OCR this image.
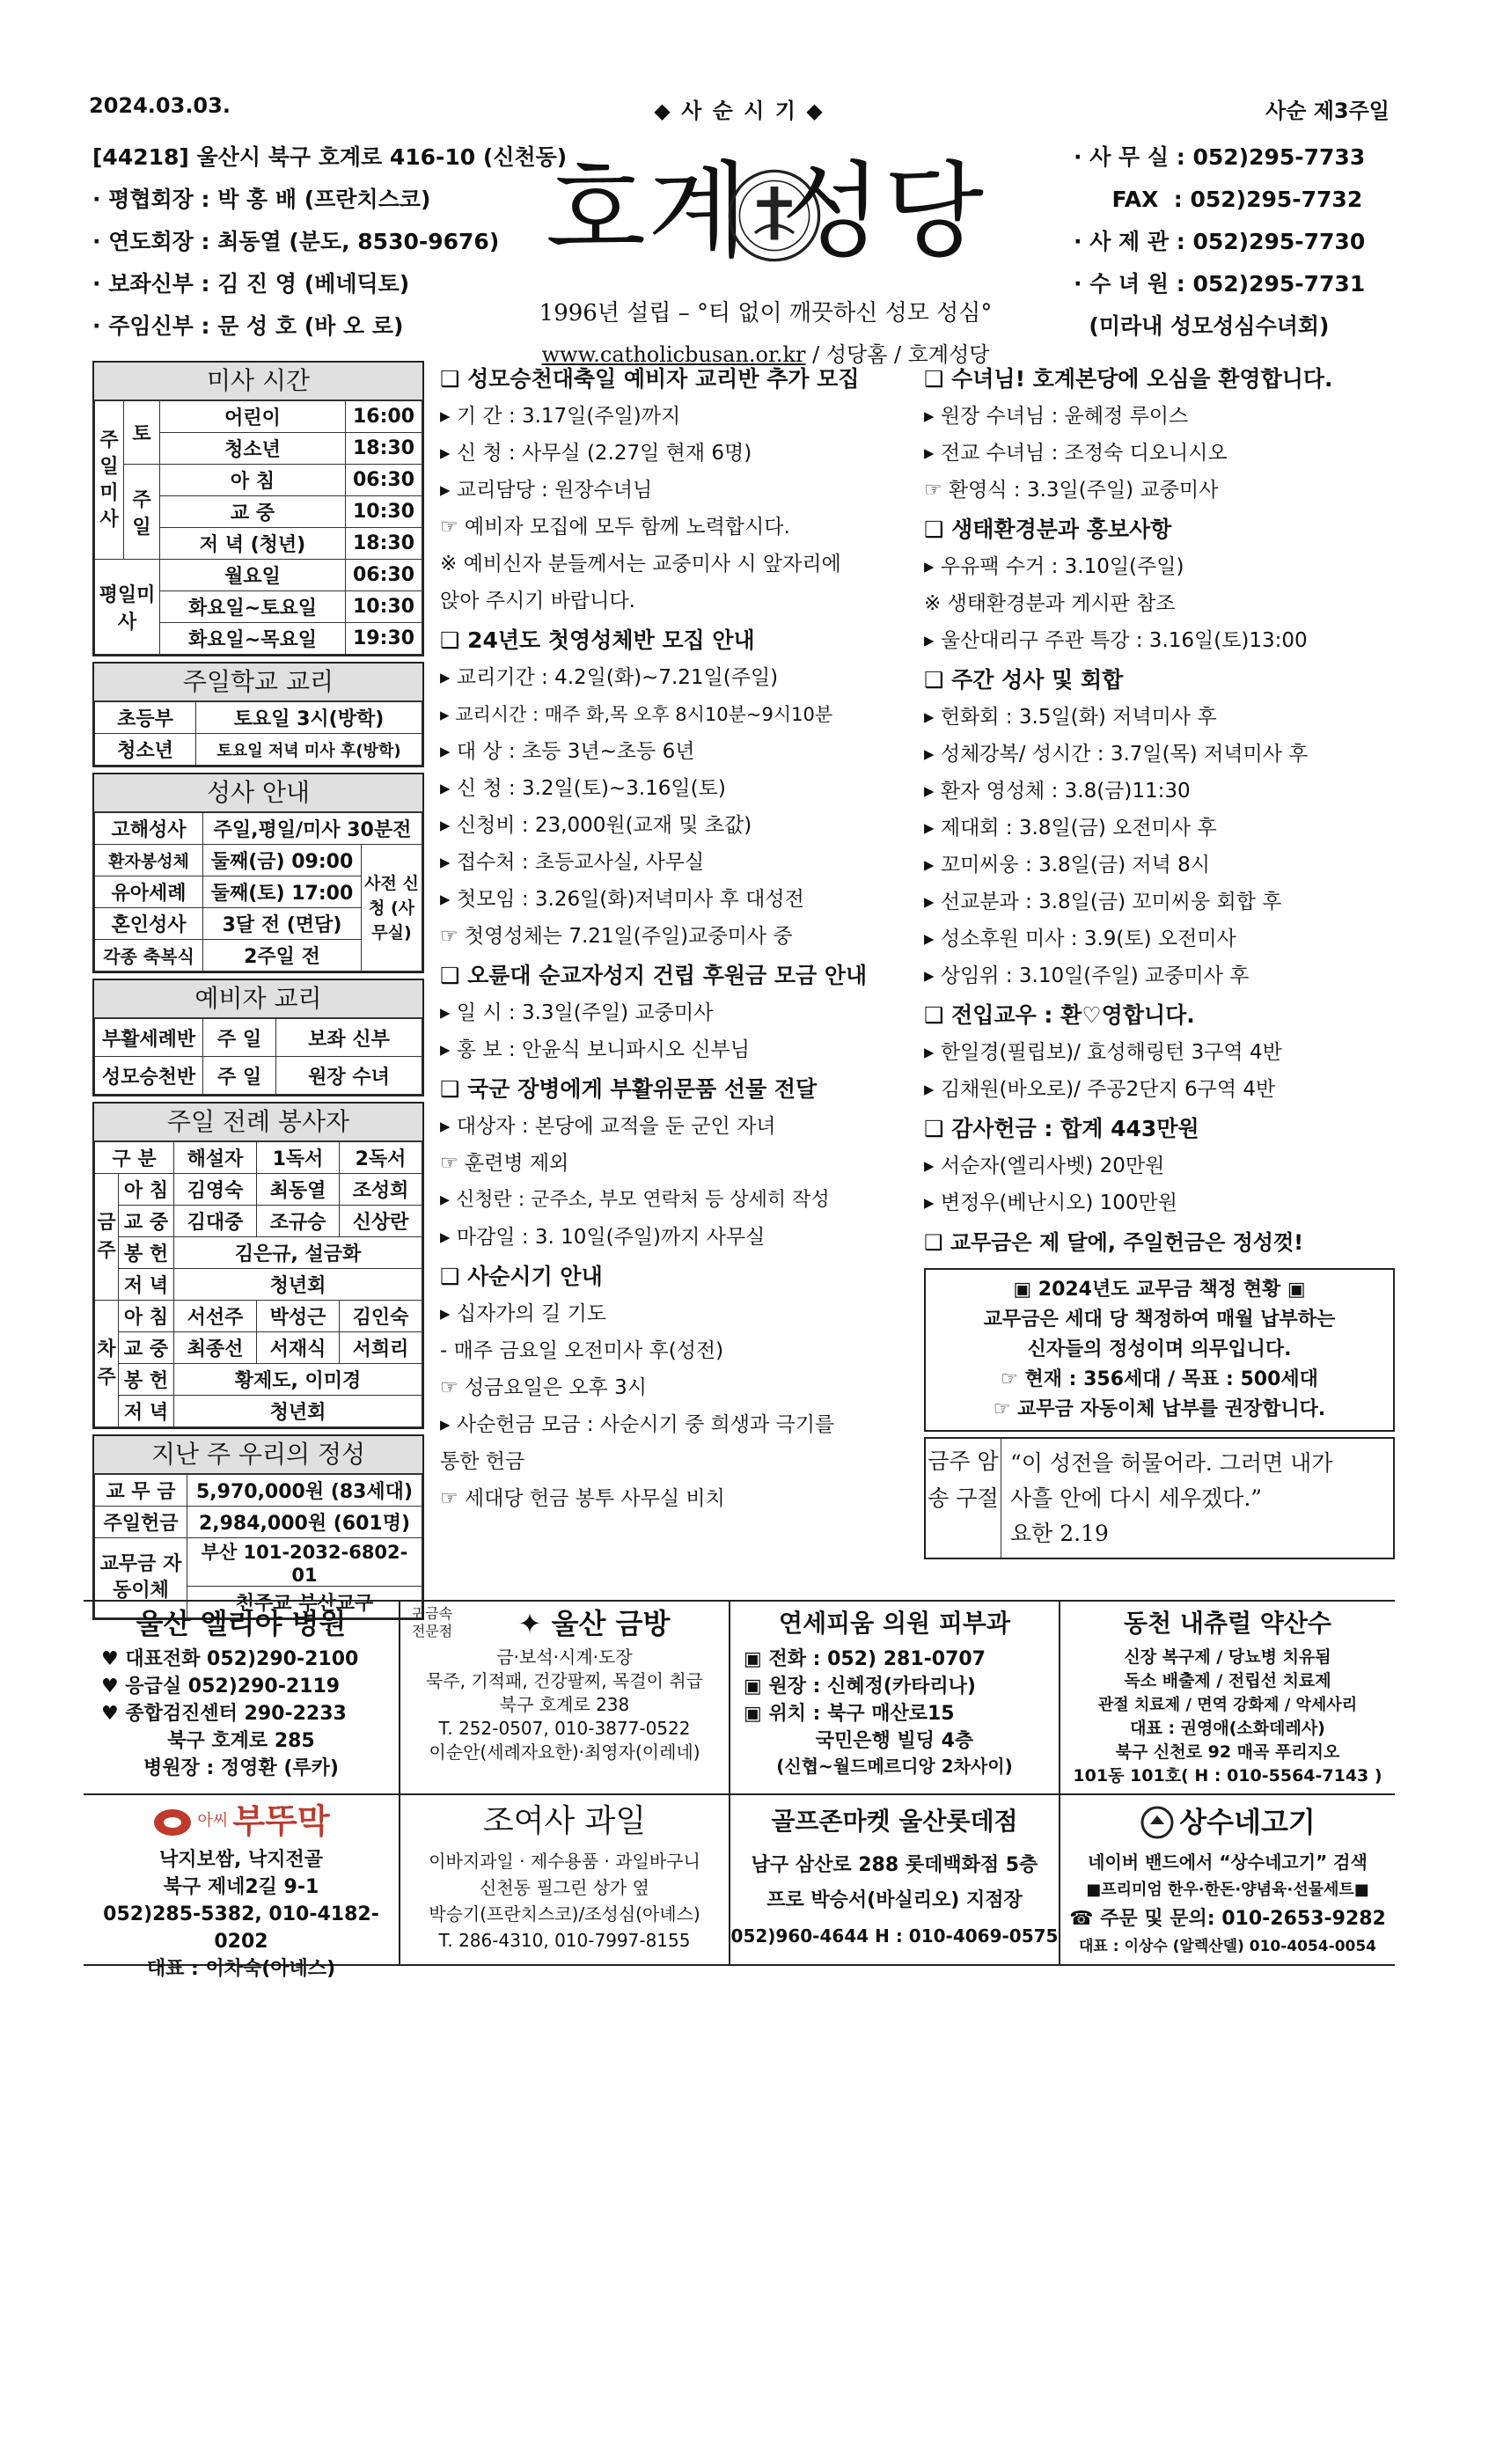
2024.03.03.	◆ 사 순 시 기 ◆	사순 제3주일
[44218] 울산시 북구 호계로 416-10 (신천동)
· 평협회장 : 박 홍 배 (프란치스코)
· 연도회장 : 최동열 (분도, 8530-9676)
· 보좌신부 : 김 진 영 (베네딕토)
· 주임신부 : 문 성 호 (바 오 로)
호계 성당
1996년 설립 – °티 없이 깨끗하신 성모 성심°
www.catholicbusan.or.kr / 성당홈 / 호계성당
· 사 무 실 : 052)295-7733
FAX  : 052)295-7732
· 사 제 관 : 052)295-7730
· 수 녀 원 : 052)295-7731
(미라내 성모성심수녀회)
미사 시간
주일미사	토	어린이	16:00
		청소년	18:30
	주일	아 침	06:30
		교 중	10:30
		저 녁 (청년)	18:30
평일미사		월요일	06:30
		화요일~토요일	10:30
		화요일~목요일	19:30
주일학교 교리
초등부	토요일 3시(방학)
청소년	토요일 저녁 미사 후(방학)
성사 안내
고해성사	주일,평일/미사 30분전	
환자봉성체	둘째(금) 09:00	사전 신청 (사무실)
유아세례	둘째(토) 17:00	
혼인성사	3달 전 (면담)	
각종 축복식	2주일 전	
예비자 교리
부활세례반	주 일	보좌 신부
성모승천반	주 일	원장 수녀
주일 전례 봉사자
구 분		해설자	1독서	2독서
금주	아 침	김영숙	최동열	조성희
	교 중	김대중	조규승	신상란
	봉 헌	김은규, 설금화		
	저 녁	청년회		
차주	아 침	서선주	박성근	김인숙
	교 중	최종선	서재식	서희리
	봉 헌	황제도, 이미경		
	저 녁	청년회		
지난 주 우리의 정성
교 무 금	5,970,000원 (83세대)
주일헌금	2,984,000원 (601명)
교무금 자동이체	부산 101-2032-6802-01
	천주교 부산교구
❑ 성모승천대축일 예비자 교리반 추가 모집
▸ 기 간 : 3.17일(주일)까지
▸ 신 청 : 사무실 (2.27일 현재 6명)
▸ 교리담당 : 원장수녀님
☞ 예비자 모집에 모두 함께 노력합시다.
※ 예비신자 분들께서는 교중미사 시 앞자리에
앉아 주시기 바랍니다.
❑ 24년도 첫영성체반 모집 안내
▸ 교리기간 : 4.2일(화)~7.21일(주일)
▸ 교리시간 : 매주 화,목 오후 8시10분~9시10분
▸ 대 상 : 초등 3년~초등 6년
▸ 신 청 : 3.2일(토)~3.16일(토)
▸ 신청비 : 23,000원(교재 및 초값)
▸ 접수처 : 초등교사실, 사무실
▸ 첫모임 : 3.26일(화)저녁미사 후 대성전
☞ 첫영성체는 7.21일(주일)교중미사 중
❑ 오륜대 순교자성지 건립 후원금 모금 안내
▸ 일 시 : 3.3일(주일) 교중미사
▸ 홍 보 : 안윤식 보니파시오 신부님
❑ 국군 장병에게 부활위문품 선물 전달
▸ 대상자 : 본당에 교적을 둔 군인 자녀
☞ 훈련병 제외
▸ 신청란 : 군주소, 부모 연락처 등 상세히 작성
▸ 마감일 : 3. 10일(주일)까지 사무실
❑ 사순시기 안내
▸ 십자가의 길 기도
- 매주 금요일 오전미사 후(성전)
☞ 성금요일은 오후 3시
▸ 사순헌금 모금 : 사순시기 중 희생과 극기를
통한 헌금
☞ 세대당 헌금 봉투 사무실 비치
❑ 수녀님! 호계본당에 오심을 환영합니다.
▸ 원장 수녀님 : 윤혜정 루이스
▸ 전교 수녀님 : 조정숙 디오니시오
☞ 환영식 : 3.3일(주일) 교중미사
❑ 생태환경분과 홍보사항
▸ 우유팩 수거 : 3.10일(주일)
※ 생태환경분과 게시판 참조
▸ 울산대리구 주관 특강 : 3.16일(토)13:00
❑ 주간 성사 및 회합
▸ 헌화회 : 3.5일(화) 저녁미사 후
▸ 성체강복/ 성시간 : 3.7일(목) 저녁미사 후
▸ 환자 영성체 : 3.8(금)11:30
▸ 제대회 : 3.8일(금) 오전미사 후
▸ 꼬미씨웅 : 3.8일(금) 저녁 8시
▸ 선교분과 : 3.8일(금) 꼬미씨웅 회합 후
▸ 성소후원 미사 : 3.9(토) 오전미사
▸ 상임위 : 3.10일(주일) 교중미사 후
❑ 전입교우 : 환♡영합니다.
▸ 한일경(필립보)/ 효성해링턴 3구역 4반
▸ 김채원(바오로)/ 주공2단지 6구역 4반
❑ 감사헌금 : 합계 443만원
▸ 서순자(엘리사벳) 20만원
▸ 변정우(베난시오) 100만원
❑ 교무금은 제 달에, 주일헌금은 정성껏!
▣ 2024년도 교무금 책정 현황 ▣
교무금은 세대 당 책정하여 매월 납부하는
신자들의 정성이며 의무입니다.
☞ 현재 : 356세대 / 목표 : 500세대
☞ 교무금 자동이체 납부를 권장합니다.
금주 암송 구절
“이 성전을 허물어라. 그러면 내가
사흘 안에 다시 세우겠다.”
요한 2.19
울산 엘리야 병원
♥ 대표전화 052)290-2100
♥ 응급실 052)290-2119
♥ 종합검진센터 290-2233
북구 호계로 285
병원장 : 정영환 (루카)
귀금속 전문점	✦ 울산 금방
금·보석·시계·도장
묵주, 기적패, 건강팔찌, 목걸이 취급
북구 호계로 238
T. 252-0507, 010-3877-0522
이순안(세례자요한)·최영자(이레네)
연세피움 의원 피부과
▣ 전화 : 052) 281-0707
▣ 원장 : 신혜정(카타리나)
▣ 위치 : 북구 매산로15
국민은행 빌딩 4층
(신협~월드메르디앙 2차사이)
동천 내츄럴 약산수
신장 복구제 / 당뇨병 치유됨
독소 배출제 / 전립선 치료제
관절 치료제 / 면역 강화제 / 악세사리
대표 : 권영애(소화데레사)
북구 신천로 92 매곡 푸리지오
101동 101호( H : 010-5564-7143 )
아씨 부뚜막
낙지보쌈, 낙지전골
북구 제네2길 9-1
052)285-5382, 010-4182-0202
대표 : 이차숙(아녜스)
조여사 과일
이바지과일 · 제수용품 · 과일바구니
신천동 필그린 상가 옆
박승기(프란치스코)/조성심(아녜스)
T. 286-4310, 010-7997-8155
골프존마켓 울산롯데점
남구 삼산로 288 롯데백화점 5층
프로 박승서(바실리오) 지점장
052)960-4644 H : 010-4069-0575
상수네고기
네이버 밴드에서 “상수네고기” 검색
■프리미엄 한우·한돈·양념육·선물세트■
☎ 주문 및 문의: 010-2653-9282
대표 : 이상수 (알렉산델) 010-4054-0054
